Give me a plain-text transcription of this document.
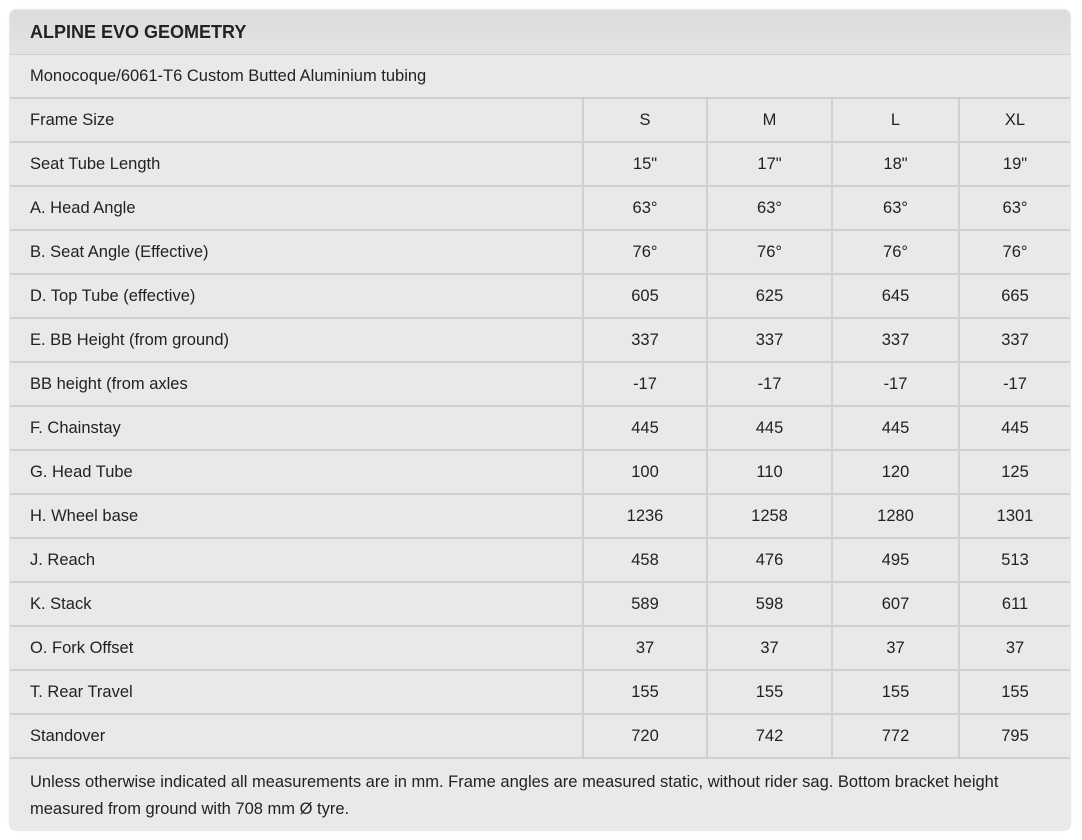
ALPINE EVO GEOMETRY
Monocoque/6061-T6 Custom Butted Aluminium tubing
Frame Size	S	M	L	XL
Seat Tube Length	15"	17"	18"	19"
A. Head Angle	63°	63°	63°	63°
B. Seat Angle (Effective)	76°	76°	76°	76°
D. Top Tube (effective)	605	625	645	665
E. BB Height (from ground)	337	337	337	337
BB height (from axles	-17	-17	-17	-17
F. Chainstay	445	445	445	445
G. Head Tube	100	110	120	125
H. Wheel base	1236	1258	1280	1301
J. Reach	458	476	495	513
K. Stack	589	598	607	611
O. Fork Offset	37	37	37	37
T. Rear Travel	155	155	155	155
Standover	720	742	772	795
Unless otherwise indicated all measurements are in mm. Frame angles are measured static, without rider sag. Bottom bracket height measured from ground with 708 mm Ø tyre.
